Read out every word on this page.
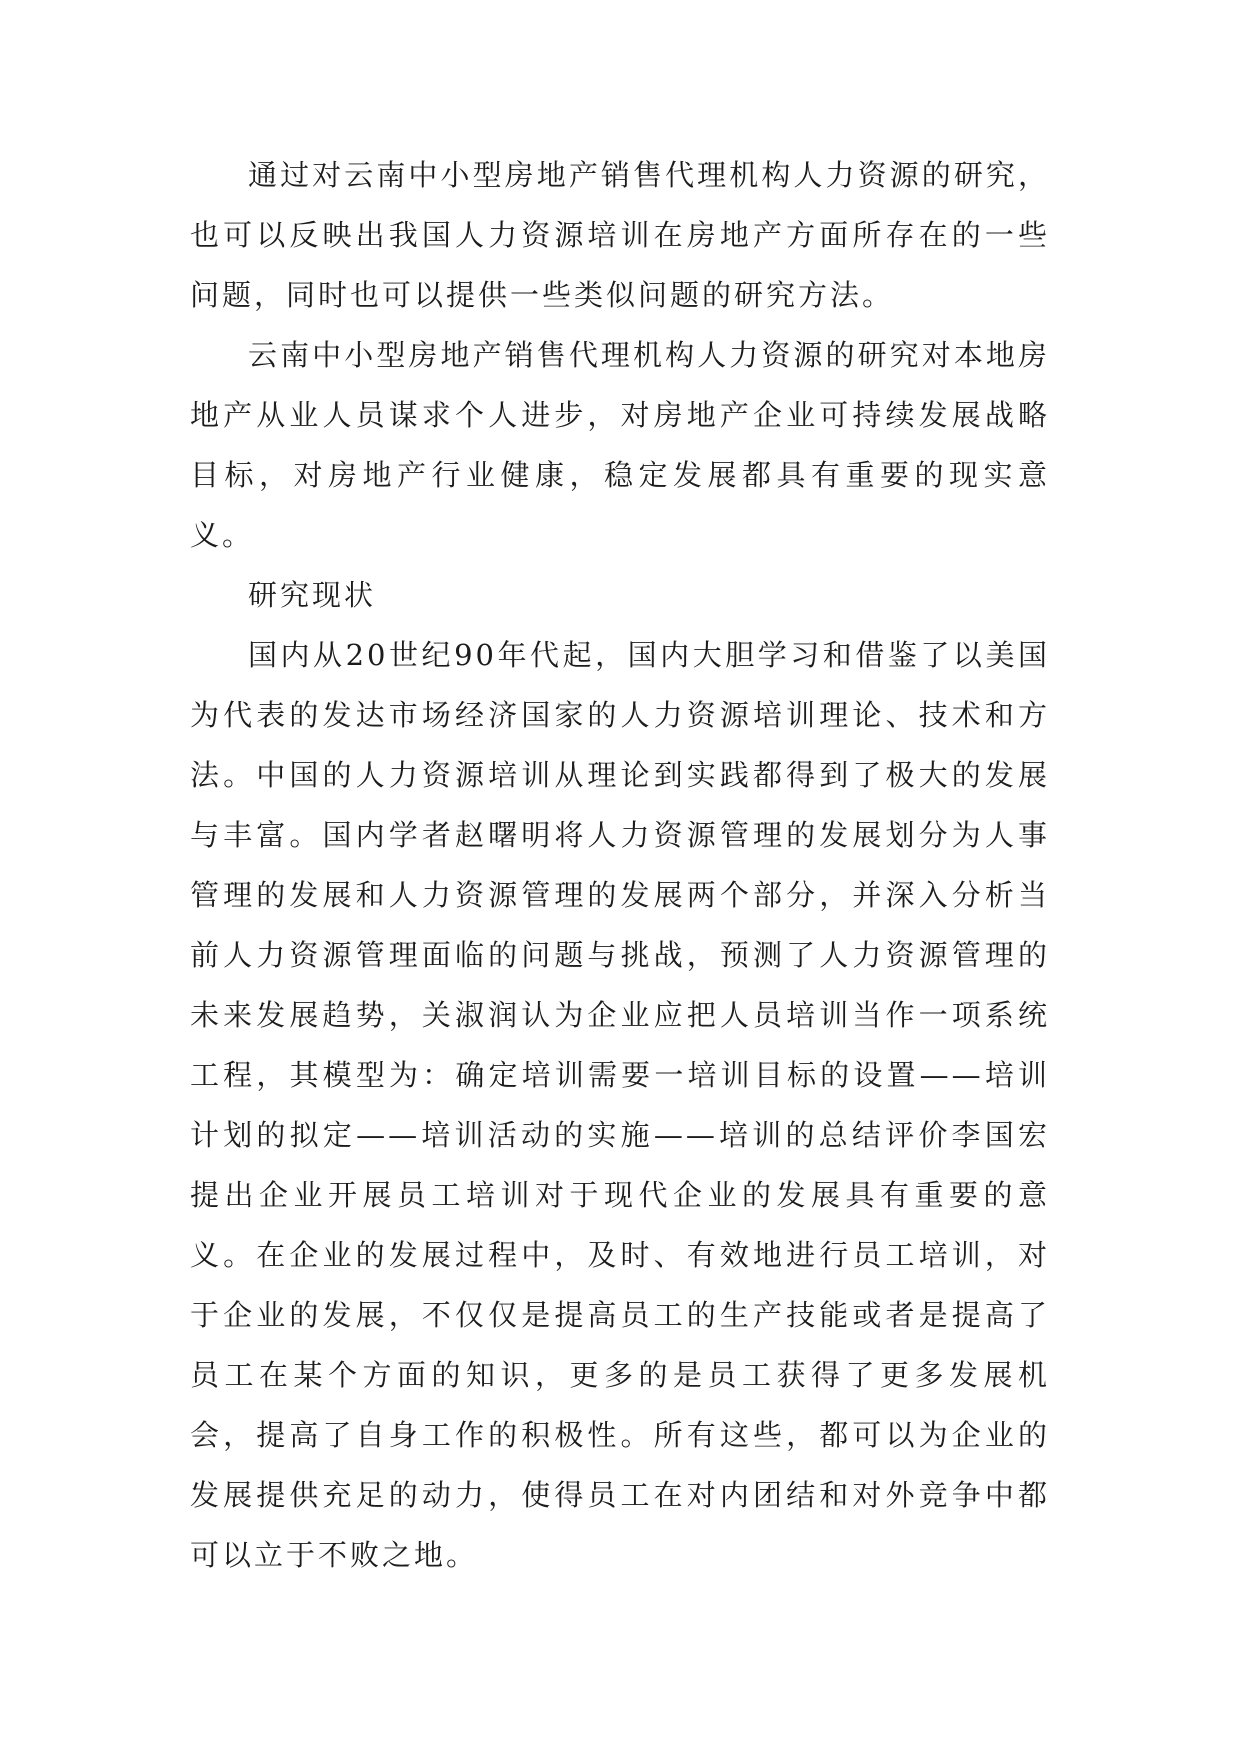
通过对云南中小型房地产销售代理机构人力资源的研究，也可以反映出我国人力资源培训在房地产方面所存在的一些问题，同时也可以提供一些类似问题的研究方法。

云南中小型房地产销售代理机构人力资源的研究对本地房地产从业人员谋求个人进步，对房地产企业可持续发展战略目标，对房地产行业健康，稳定发展都具有重要的现实意义。

研究现状

国内从20世纪90年代起，国内大胆学习和借鉴了以美国为代表的发达市场经济国家的人力资源培训理论、技术和方法。中国的人力资源培训从理论到实践都得到了极大的发展与丰富。国内学者赵曙明将人力资源管理的发展划分为人事管理的发展和人力资源管理的发展两个部分，并深入分析当前人力资源管理面临的问题与挑战，预测了人力资源管理的未来发展趋势，关淑润认为企业应把人员培训当作一项系统工程，其模型为：确定培训需要一培训目标的设置——培训计划的拟定——培训活动的实施——培训的总结评价李国宏提出企业开展员工培训对于现代企业的发展具有重要的意义。在企业的发展过程中，及时、有效地进行员工培训，对于企业的发展，不仅仅是提高员工的生产技能或者是提高了员工在某个方面的知识，更多的是员工获得了更多发展机会，提高了自身工作的积极性。所有这些，都可以为企业的发展提供充足的动力，使得员工在对内团结和对外竞争中都可以立于不败之地。
